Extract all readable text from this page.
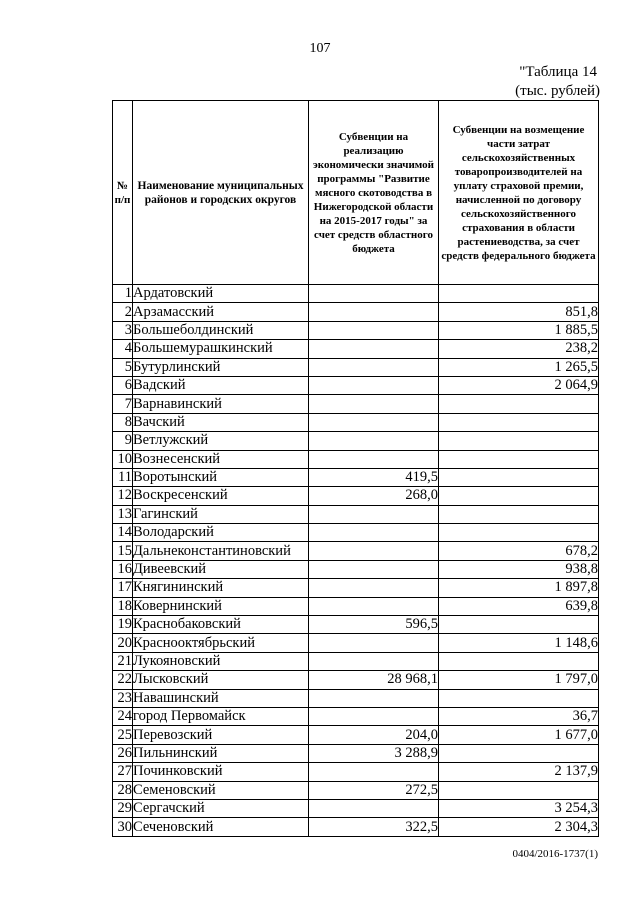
107
"Таблица 14
(тыс. рублей)
№ п/п	Наименование муниципальных районов и городских округов	Субвенции на реализацию экономически значимой программы "Развитие мясного скотоводства в Нижегородской области на 2015-2017 годы" за счет средств областного бюджета	Субвенции на возмещение части затрат сельскохозяйственных товаропроизводителей на уплату страховой премии, начисленной по договору сельскохозяйственного страхования в области растениеводства, за счет средств федерального бюджета
1	Ардатовский		
2	Арзамасский		851,8
3	Большеболдинский		1 885,5
4	Большемурашкинский		238,2
5	Бутурлинский		1 265,5
6	Вадский		2 064,9
7	Варнавинский		
8	Вачский		
9	Ветлужский		
10	Вознесенский		
11	Воротынский	419,5	
12	Воскресенский	268,0	
13	Гагинский		
14	Володарский		
15	Дальнеконстантиновский		678,2
16	Дивеевский		938,8
17	Княгининский		1 897,8
18	Ковернинский		639,8
19	Краснобаковский	596,5	
20	Краснооктябрьский		1 148,6
21	Лукояновский		
22	Лысковский	28 968,1	1 797,0
23	Навашинский		
24	город Первомайск		36,7
25	Перевозский	204,0	1 677,0
26	Пильнинский	3 288,9	
27	Починковский		2 137,9
28	Семеновский	272,5	
29	Сергачский		3 254,3
30	Сеченовский	322,5	2 304,3
0404/2016-1737(1)
